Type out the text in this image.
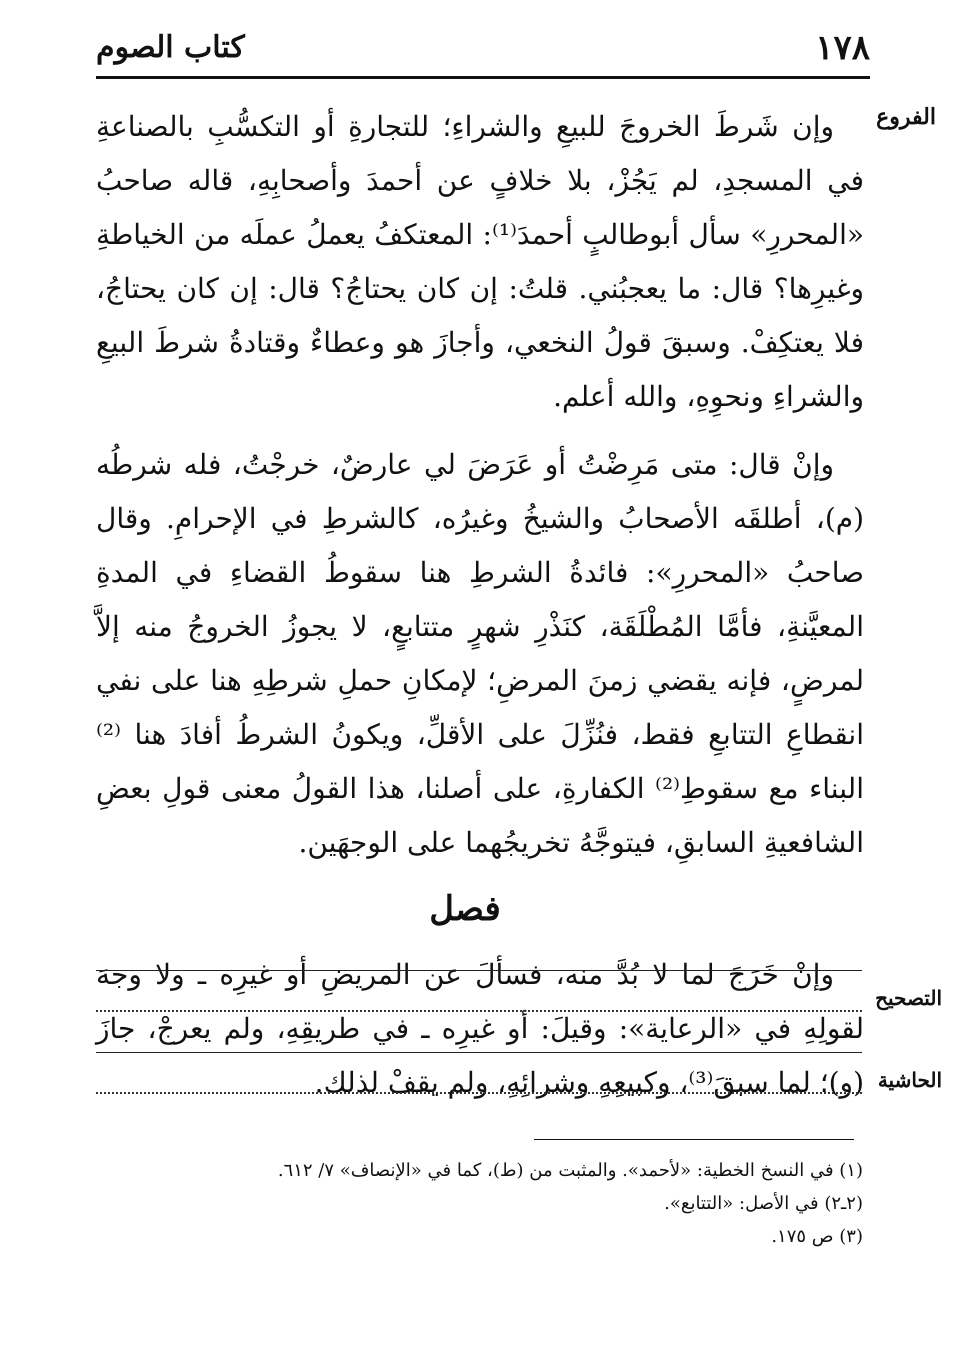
١٧٨
كتاب الصوم
الفروع

وإن شَرطَ الخروجَ للبيعِ والشراءِ؛ للتجارةِ أو التكسُّبِ بالصناعةِ في المسجدِ، لم يَجُزْ، بلا خلافٍ عن أحمدَ وأصحابِهِ، قاله صاحبُ «المحررِ» سأل أبوطالبٍ أحمدَ⁽¹⁾: المعتكفُ يعملُ عملَه من الخياطةِ وغيرِها؟ قال: ما يعجبُني. قلتُ: إن كان يحتاجُ؟ قال: إن كان يحتاجُ، فلا يعتكِفْ. وسبقَ قولُ النخعي، وأجازَ هو وعطاءٌ وقتادةُ شرطَ البيعِ والشراءِ ونحوِهِ، والله أعلم.

وإنْ قال: متى مَرِضْتُ أو عَرَضَ لي عارضٌ، خرجْتُ، فله شرطُه (م)، أطلقَه الأصحابُ والشيخُ وغيرُه، كالشرطِ في الإحرامِ. وقال صاحبُ «المحررِ»: فائدةُ الشرطِ هنا سقوطُ القضاءِ في المدةِ المعيَّنةِ، فأمَّا المُطْلَقَة، كنَذْرِ شهرٍ متتابعٍ، لا يجوزُ الخروجُ منه إلاَّ لمرضٍ، فإنه يقضي زمنَ المرضِ؛ لإمكانِ حملِ شرطِهِ هنا على نفي انقطاعِ التتابعِ فقط، فنُزِّلَ على الأقلِّ، ويكونُ الشرطُ أفادَ هنا ⁽²⁾البناء مع سقوطِ⁽²⁾ الكفارةِ، على أصلنا، هذا القولُ معنى قولِ بعضِ الشافعيةِ السابقِ، فيتوجَّهُ تخريجُهما على الوجهَين.

فصل

وإنْ خَرَجَ لما لا بُدَّ منه، فسألَ عن المريضِ أو غيرِه ـ ولا وجهَ لقولِهِ في «الرعاية»: وقيلَ: أو غيرِه ـ في طريقِهِ، ولم يعرجْ، جازَ (و)؛ لما سبقَ⁽³⁾، وكبيعِهِ وشرائِهِ، ولم يقفْ لذلك.

التصحيح
الحاشية

(١) في النسخ الخطية: «لأحمد». والمثبت من (ط)، كما في «الإنصاف» ٧/ ٦١٢.

(٢ـ٢) في الأصل: «التتابع».

(٣) ص ١٧٥.
